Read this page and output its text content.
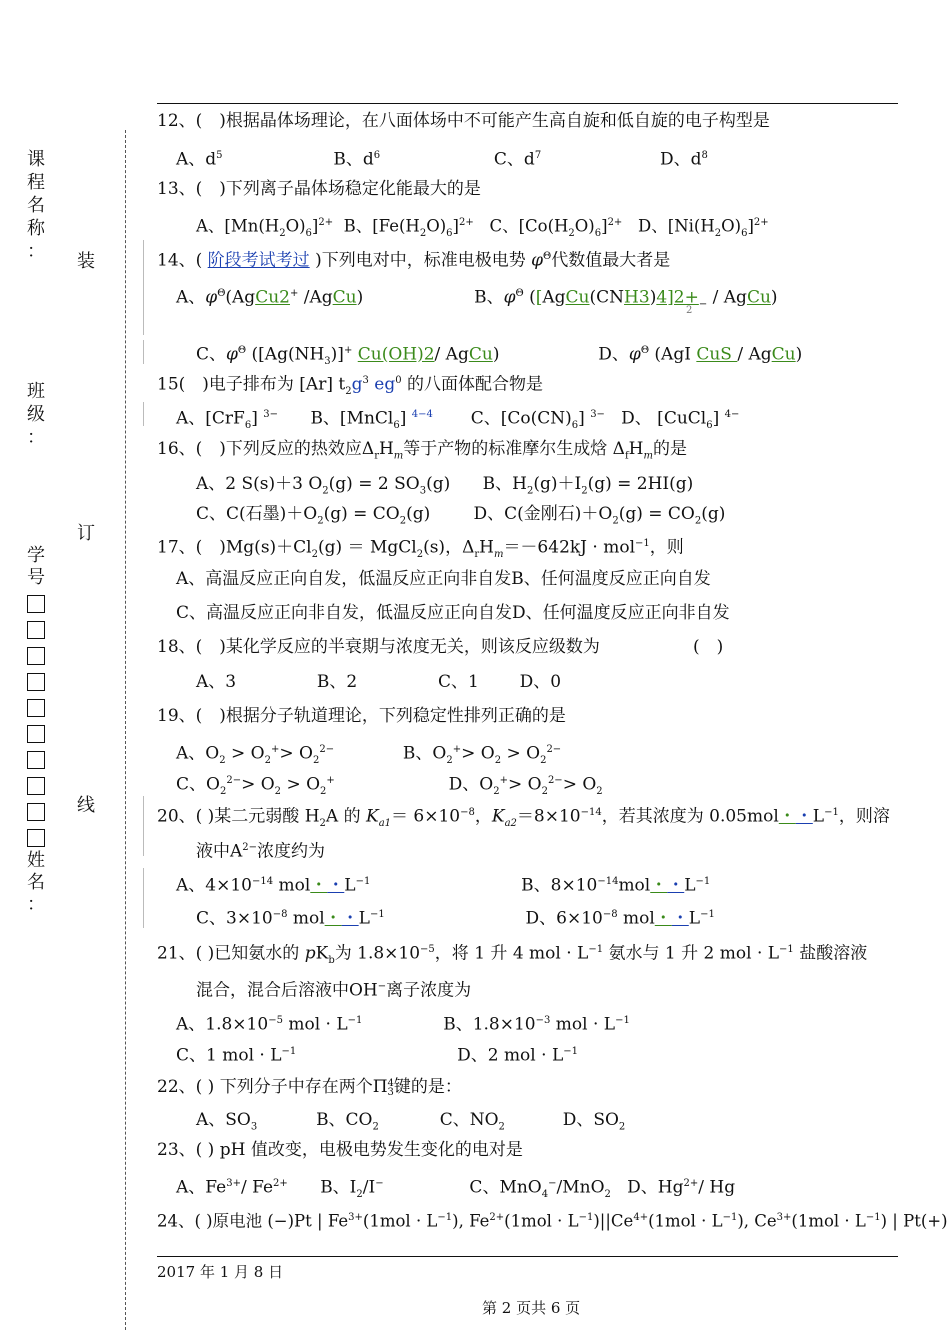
课
程
名
称
：
班
级
：
学
号
姓
名
：
装
订
线
12、(　)根据晶体场理论，在八面体场中不可能产生高自旋和低自旋的电子构型是
A、$d^5$	B、$d^6$	C、$d^7$	D、$d^8$
13、(　)下列离子晶体场稳定化能最大的是
A、$[Mn(H_2O)_6]^{2+}$  B、$[Fe(H_2O)_6]^{2+}$   C、$[Co(H_2O)_6]^{2+}$   D、$[Ni(H_2O)_6]^{2+}$
14、( 阶段考试考过 )下列电对中，标准电极电势 $\varphi^\Theta$代数值最大者是
A、$\varphi^\Theta(AgCu2^+$ /AgCu)	B、$\varphi^\Theta$ ($[AgCu(CNH3)4]2+_-$ / AgCu)
2
C、$\varphi^\Theta$ ($[Ag(NH_3)]^+$ Cu(OH)2/ AgCu)	D、$\varphi^\Theta$ (AgI CuS / AgCu)
15(　)电子排布为 [Ar] $t_2g^3$ $eg^0$ 的八面体配合物是
A、[CrF$_6$] $^{3-}$      B、[MnCl$_6$] $^{4-4}$       C、$[Co(CN)_6]$ $^{3-}$   D、 [CuCl$_6$] $^{4-}$
16、(　)下列反应的热效应$\Delta_rH_m$等于产物的标准摩尔生成焓 $\Delta_fH_m$的是
A、2 S(s)＋3 $O_2(g) = 2$ $SO_3(g)$      B、$H_2(g)+I_2(g) = 2HI(g)$
C、C(石墨)$+O_2(g) = CO_2(g)$        D、C(金刚石)$+O_2(g) = CO_2(g)$
17、(　)$Mg(s)+Cl_2(g)$ ＝ MgCl$_2$(s)，$\Delta_rH_m=-642kJ \cdot mol^{-1}$，则
A、高温反应正向自发，低温反应正向非自发B、任何温度反应正向自发
C、高温反应正向非自发，低温反应正向自发D、任何温度反应正向非自发
18、(　)某化学反应的半衰期与浓度无关，则该反应级数为	(　)
A、3	B、2	C、1 D、0
19、(　)根据分子轨道理论，下列稳定性排列正确的是
A、$O_2 > O_2^+> O_2^{2-}$	B、$O_2^+> O_2 > O_2^{2-}$
C、$O_2^{2-}> O_2 > O_2^+$	D、$O_2^+> O_2^{2-}> O_2$
20、( )某二元弱酸 $H_2A$ 的 $K_{a1}= 6\times 10^{-8}$，$K_{a2}=8\times 10^{-14}$，若其浓度为 0.05mol・・$L^{-1}$，则溶
液中$A^{2-}$浓度约为
A、$4\times 10^{-14}$ mol・・$L^{-1}$	B、$8\times 10^{-14}mol$・・$L^{-1}$
C、$3\times 10^{-8}$ mol・・$L^{-1}$	D、$6\times 10^{-8}$ mol・・$L^{-1}$
21、( )已知氨水的 $pK_b$为 $1.8\times 10^{-5}$，将 1 升 4 mol · $L^{-1}$ 氨水与 1 升 2 mol · $L^{-1}$ 盐酸溶液
混合，混合后溶液中OH−离子浓度为
A、$1.8\times 10^{-5}$ mol · $L^{-1}$	B、$1.8\times 10^{-3}$ mol · $L^{-1}$
C、1 mol · $L^{-1}$	D、2 mol · $L^{-1}$
22、( ) 下列分子中存在两个Π4
3键的是：
A、$SO_3$	B、$CO_2$	C、$NO_2$	D、$SO_2$
23、( ) pH 值改变，电极电势发生变化的电对是
A、$Fe^{3+}/$ $Fe^{2+}$      B、$I_2/I^-$	C、MnO$_4$−/MnO$_2$   D、$Hg^{2+}/$ Hg
24、( )原电池 (−)Pt | $Fe^{3+}(1mol \cdot L^{-1})$, $Fe^{2+}(1mol \cdot L^{-1})||Ce^{4+}(1mol \cdot L^{-1})$, $Ce^{3+}(1mol \cdot L^{-1})$ | Pt(+)
2017 年 1 月 8 日
第 2 页共 6 页
